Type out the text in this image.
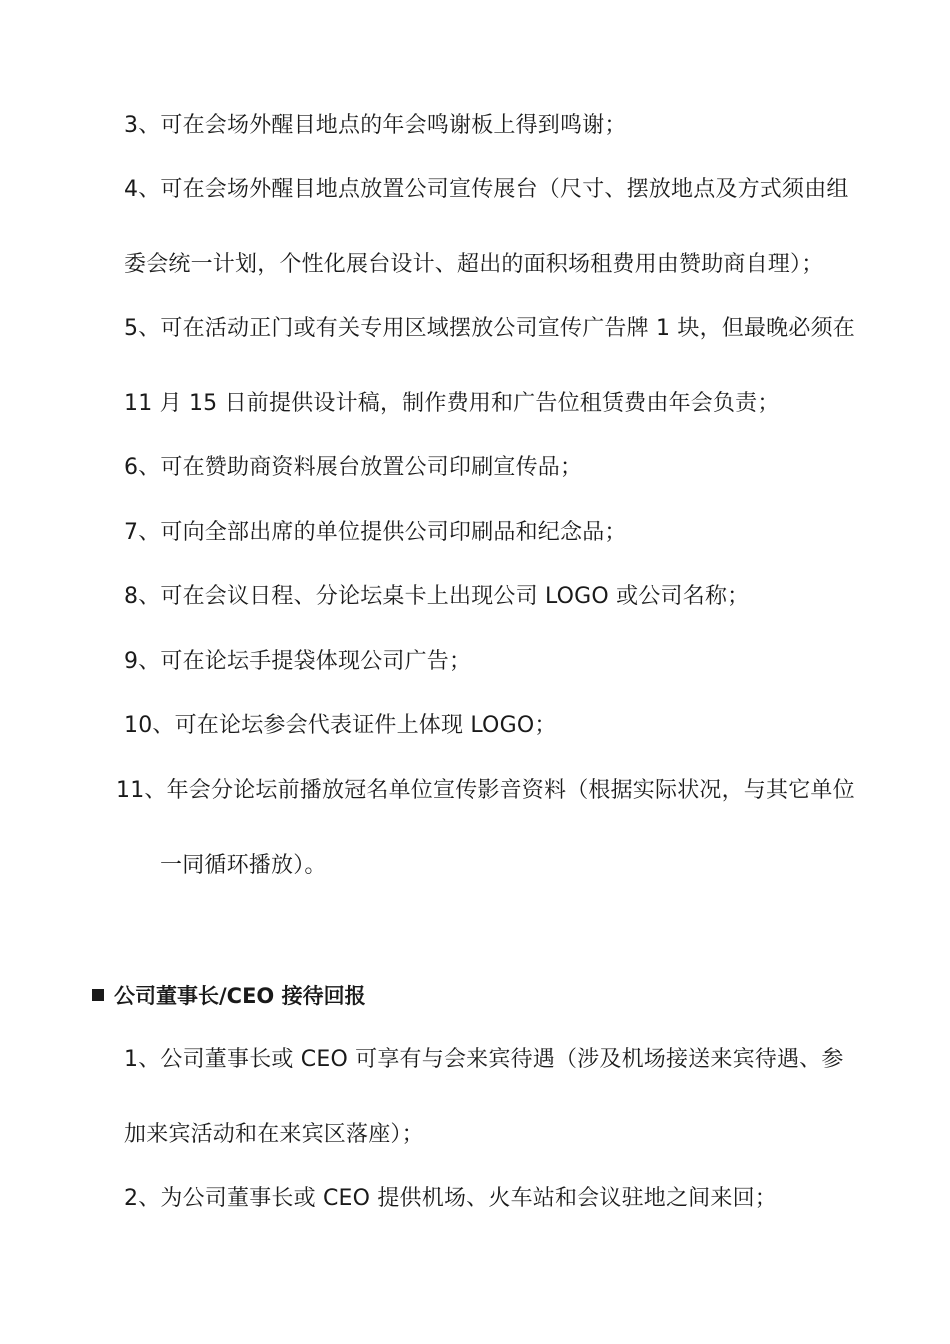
3、可在会场外醒目地点的年会鸣谢板上得到鸣谢；
4、可在会场外醒目地点放置公司宣传展台（尺寸、摆放地点及方式须由组
委会统一计划，个性化展台设计、超出的面积场租费用由赞助商自理）；
5、可在活动正门或有关专用区域摆放公司宣传广告牌 1 块，但最晚必须在
11 月 15 日前提供设计稿，制作费用和广告位租赁费由年会负责；
6、可在赞助商资料展台放置公司印刷宣传品；
7、可向全部出席的单位提供公司印刷品和纪念品；
8、可在会议日程、分论坛桌卡上出现公司 LOGO 或公司名称；
9、可在论坛手提袋体现公司广告；
10、可在论坛参会代表证件上体现 LOGO；
11、年会分论坛前播放冠名单位宣传影音资料（根据实际状况，与其它单位
一同循环播放）。
公司董事长/CEO 接待回报
1、公司董事长或 CEO 可享有与会来宾待遇（涉及机场接送来宾待遇、参
加来宾活动和在来宾区落座）；
2、为公司董事长或 CEO 提供机场、火车站和会议驻地之间来回；
